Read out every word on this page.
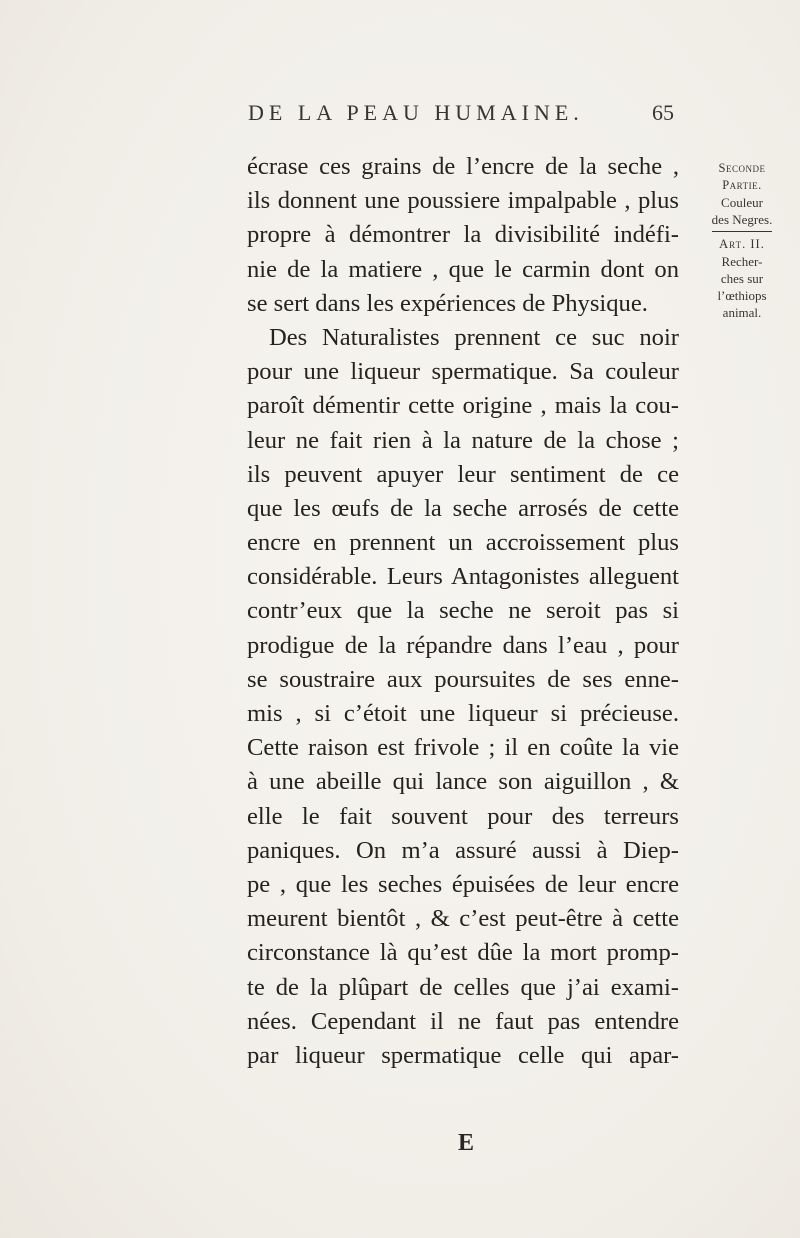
DE LA PEAU HUMAINE.	65
écrase ces grains de l’encre de la seche ,
ils donnent une poussiere impalpable , plus
propre à démontrer la divisibilité indéfi-
nie de la matiere , que le carmin dont on
se sert dans les expériences de Physique.
Des Naturalistes prennent ce suc noir
pour une liqueur spermatique. Sa couleur
paroît démentir cette origine , mais la cou-
leur ne fait rien à la nature de la chose ;
ils peuvent apuyer leur sentiment de ce
que les œufs de la seche arrosés de cette
encre en prennent un accroissement plus
considérable. Leurs Antagonistes alleguent
contr’eux que la seche ne seroit pas si
prodigue de la répandre dans l’eau , pour
se soustraire aux poursuites de ses enne-
mis , si c’étoit une liqueur si précieuse.
Cette raison est frivole ; il en coûte la vie
à une abeille qui lance son aiguillon , &
elle le fait souvent pour des terreurs
paniques. On m’a assuré aussi à Diep-
pe , que les seches épuisées de leur encre
meurent bientôt , & c’est peut-être à cette
circonstance là qu’est dûe la mort promp-
te de la plûpart de celles que j’ai exami-
nées. Cependant il ne faut pas entendre
par liqueur spermatique celle qui apar-
Seconde
Partie.
Couleur
des Negres.
Art. II.
Recher-
ches sur
l’œthiops
animal.
E
